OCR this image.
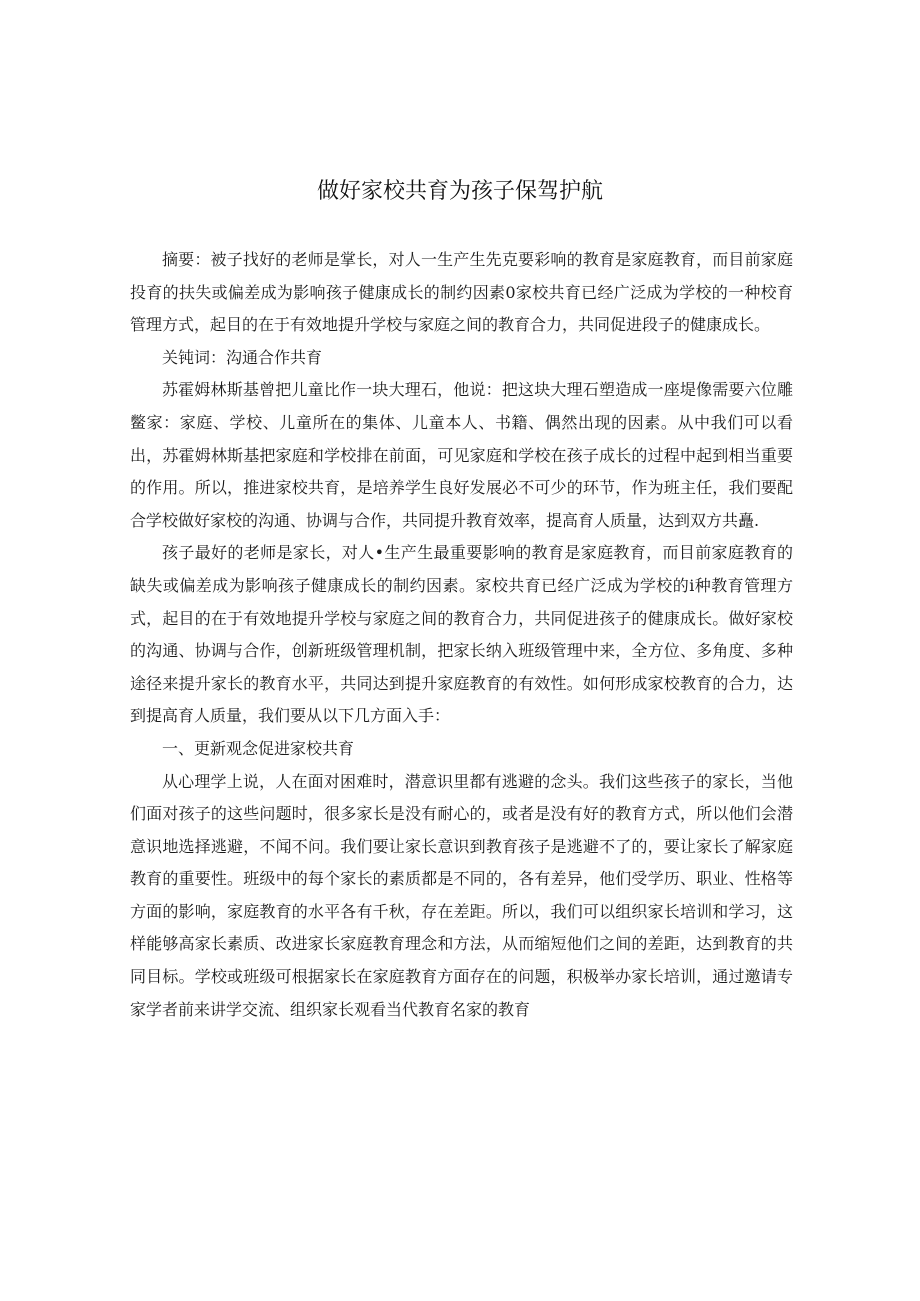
做好家校共育为孩子保驾护航

摘要：被子找好的老师是掌长，对人一生产生先克要彩响的教育是家庭教育，而目前家庭投育的扶失或偏差成为影响孩子健康成长的制约因素0家校共育已经广泛成为学校的一种校育管理方式，起目的在于有效地提升学校与家庭之间的教育合力，共同促进段子的健康成长。

关钝词：沟通合作共育

苏霍姆林斯基曾把儿童比作一块大理石，他说：把这块大理石塑造成一座堤像需要六位雕鳖家：家庭、学校、儿童所在的集体、儿童本人、书籍、偶然出现的因素。从中我们可以看出，苏霍姆林斯基把家庭和学校排在前面，可见家庭和学校在孩子成长的过程中起到相当重要的作用。所以，推进家校共育，是培养学生良好发展必不可少的环节，作为班主任，我们要配合学校做好家校的沟通、协调与合作，共同提升教育效率，提高育人质量，达到双方共矗.

孩子最好的老师是家长，对人•生产生最重要影响的教育是家庭教育，而目前家庭教育的缺失或偏差成为影响孩子健康成长的制约因素。家校共育已经广泛成为学校的i种教育管理方式，起目的在于有效地提升学校与家庭之间的教育合力，共同促进孩子的健康成长。做好家校的沟通、协调与合作，创新班级管理机制，把家长纳入班级管理中来，全方位、多角度、多种途径来提升家长的教育水平，共同达到提升家庭教育的有效性。如何形成家校教育的合力，达到提高育人质量，我们要从以下几方面入手：

一、更新观念促进家校共育

从心理学上说，人在面对困难时，潜意识里都有逃避的念头。我们这些孩子的家长，当他们面对孩子的这些问题时，很多家长是没有耐心的，或者是没有好的教育方式，所以他们会潜意识地选择逃避，不闻不问。我们要让家长意识到教育孩子是逃避不了的，要让家长了解家庭教育的重要性。班级中的每个家长的素质都是不同的，各有差异，他们受学历、职业、性格等方面的影响，家庭教育的水平各有千秋，存在差距。所以，我们可以组织家长培训和学习，这样能够高家长素质、改进家长家庭教育理念和方法，从而缩短他们之间的差距，达到教育的共同目标。学校或班级可根据家长在家庭教育方面存在的问题，积极举办家长培训，通过邀请专家学者前来讲学交流、组织家长观看当代教育名家的教育
